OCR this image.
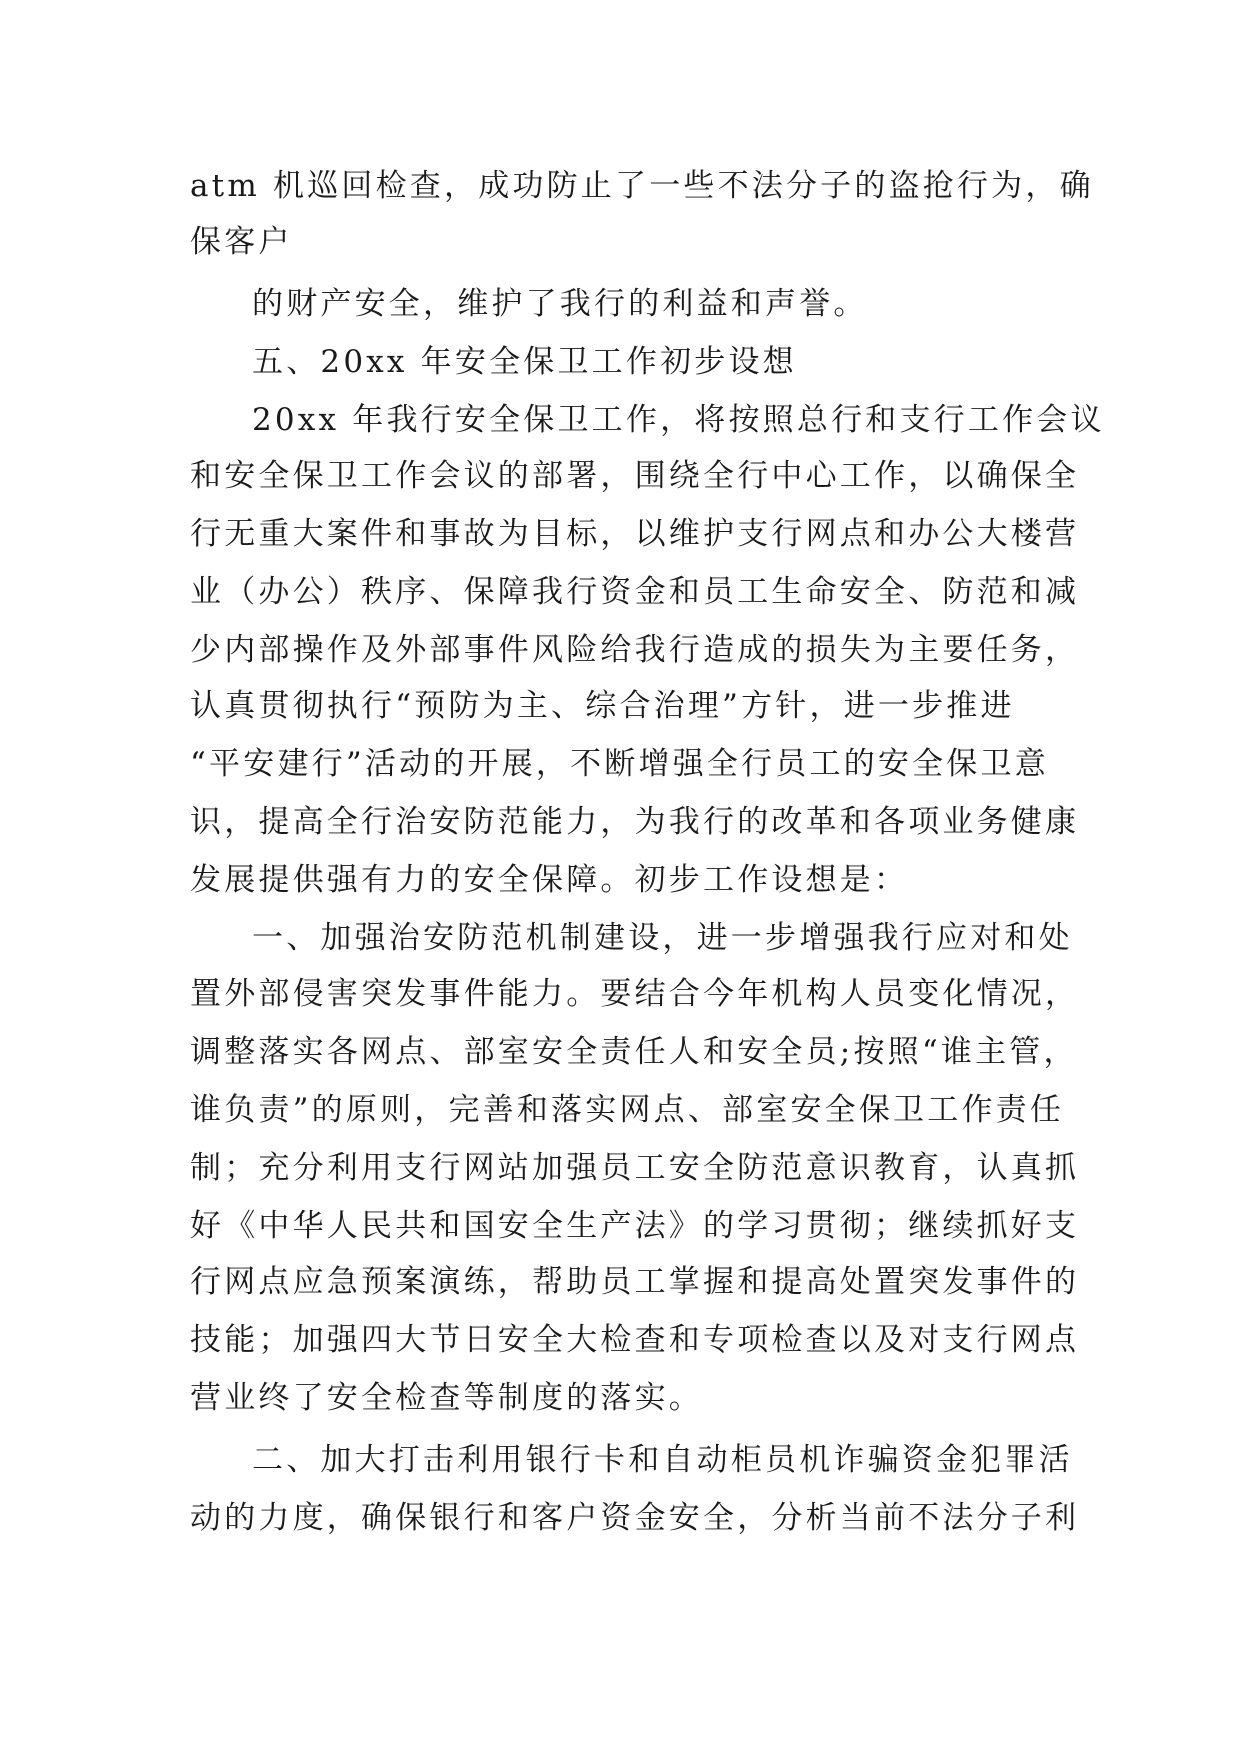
atm 机巡回检查，成功防止了一些不法分子的盗抢行为，确
保客户
的财产安全，维护了我行的利益和声誉。
五、20xx 年安全保卫工作初步设想
20xx 年我行安全保卫工作，将按照总行和支行工作会议
和安全保卫工作会议的部署，围绕全行中心工作，以确保全
行无重大案件和事故为目标，以维护支行网点和办公大楼营
业（办公）秩序、保障我行资金和员工生命安全、防范和减
少内部操作及外部事件风险给我行造成的损失为主要任务，
认真贯彻执行“预防为主、综合治理”方针，进一步推进
“平安建行”活动的开展，不断增强全行员工的安全保卫意
识，提高全行治安防范能力，为我行的改革和各项业务健康
发展提供强有力的安全保障。初步工作设想是：
一、加强治安防范机制建设，进一步增强我行应对和处
置外部侵害突发事件能力。要结合今年机构人员变化情况，
调整落实各网点、部室安全责任人和安全员;按照“谁主管，
谁负责”的原则，完善和落实网点、部室安全保卫工作责任
制；充分利用支行网站加强员工安全防范意识教育，认真抓
好《中华人民共和国安全生产法》的学习贯彻；继续抓好支
行网点应急预案演练，帮助员工掌握和提高处置突发事件的
技能；加强四大节日安全大检查和专项检查以及对支行网点
营业终了安全检查等制度的落实。
二、加大打击利用银行卡和自动柜员机诈骗资金犯罪活
动的力度，确保银行和客户资金安全，分析当前不法分子利
